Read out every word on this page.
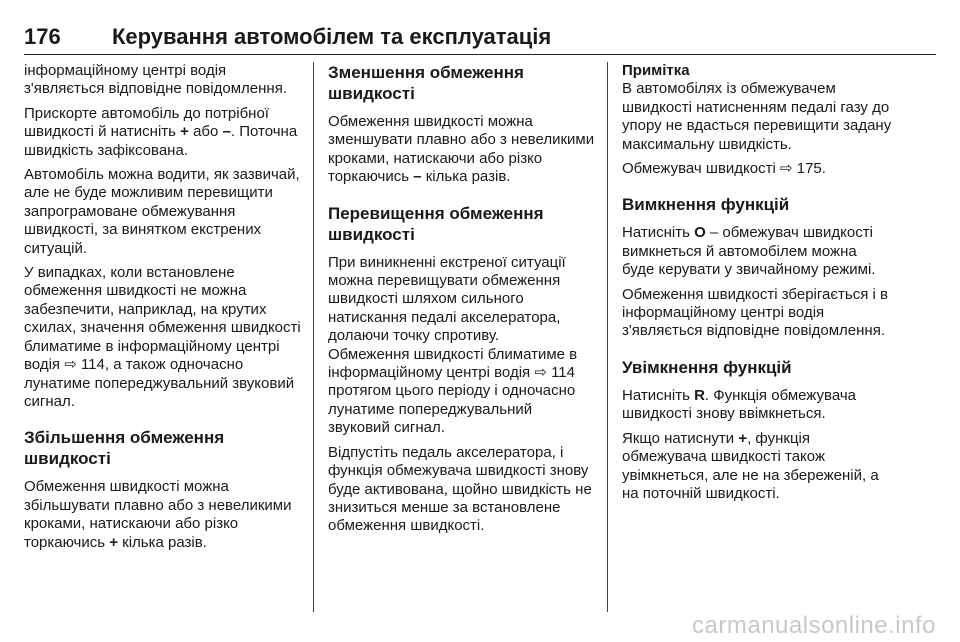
176 Керування автомобілем та експлуатація

інформаційному центрі водія з'являється відповідне повідомлення.

Прискорте автомобіль до потрібної швидкості й натисніть + або –. Поточна швидкість зафіксована.

Автомобіль можна водити, як зазвичай, але не буде можливим перевищити запрограмоване обмежування швидкості, за винятком екстрених ситуацій.

У випадках, коли встановлене обмеження швидкості не можна забезпечити, наприклад, на крутих схилах, значення обмеження швидкості блиматиме в інформаційному центрі водія ⇨ 114, а також одночасно лунатиме попереджувальний звуковий сигнал.

Збільшення обмеження швидкості

Обмеження швидкості можна збільшувати плавно або з невеликими кроками, натискаючи або різко торкаючись + кілька разів.

Зменшення обмеження швидкості

Обмеження швидкості можна зменшувати плавно або з невеликими кроками, натискаючи або різко торкаючись – кілька разів.

Перевищення обмеження швидкості

При виникненні екстреної ситуації можна перевищувати обмеження швидкості шляхом сильного натискання педалі акселератора, долаючи точку спротиву.

Обмеження швидкості блиматиме в інформаційному центрі водія ⇨ 114 протягом цього періоду і одночасно лунатиме попереджувальний звуковий сигнал.

Відпустіть педаль акселератора, і функція обмежувача швидкості знову буде активована, щойно швидкість не знизиться менше за встановлене обмеження швидкості.

Примітка

В автомобілях із обмежувачем швидкості натисненням педалі газу до упору не вдасться перевищити задану максимальну швидкість.

Обмежувач швидкості ⇨ 175.

Вимкнення функцій

Натисніть O – обмежувач швидкості вимкнеться й автомобілем можна буде керувати у звичайному режимі.

Обмеження швидкості зберігається і в інформаційному центрі водія з'являється відповідне повідомлення.

Увімкнення функцій

Натисніть R. Функція обмежувача швидкості знову ввімкнеться.

Якщо натиснути +, функція обмежувача швидкості також увімкнеться, але не на збереженій, а на поточній швидкості.

carmanualsonline.info
